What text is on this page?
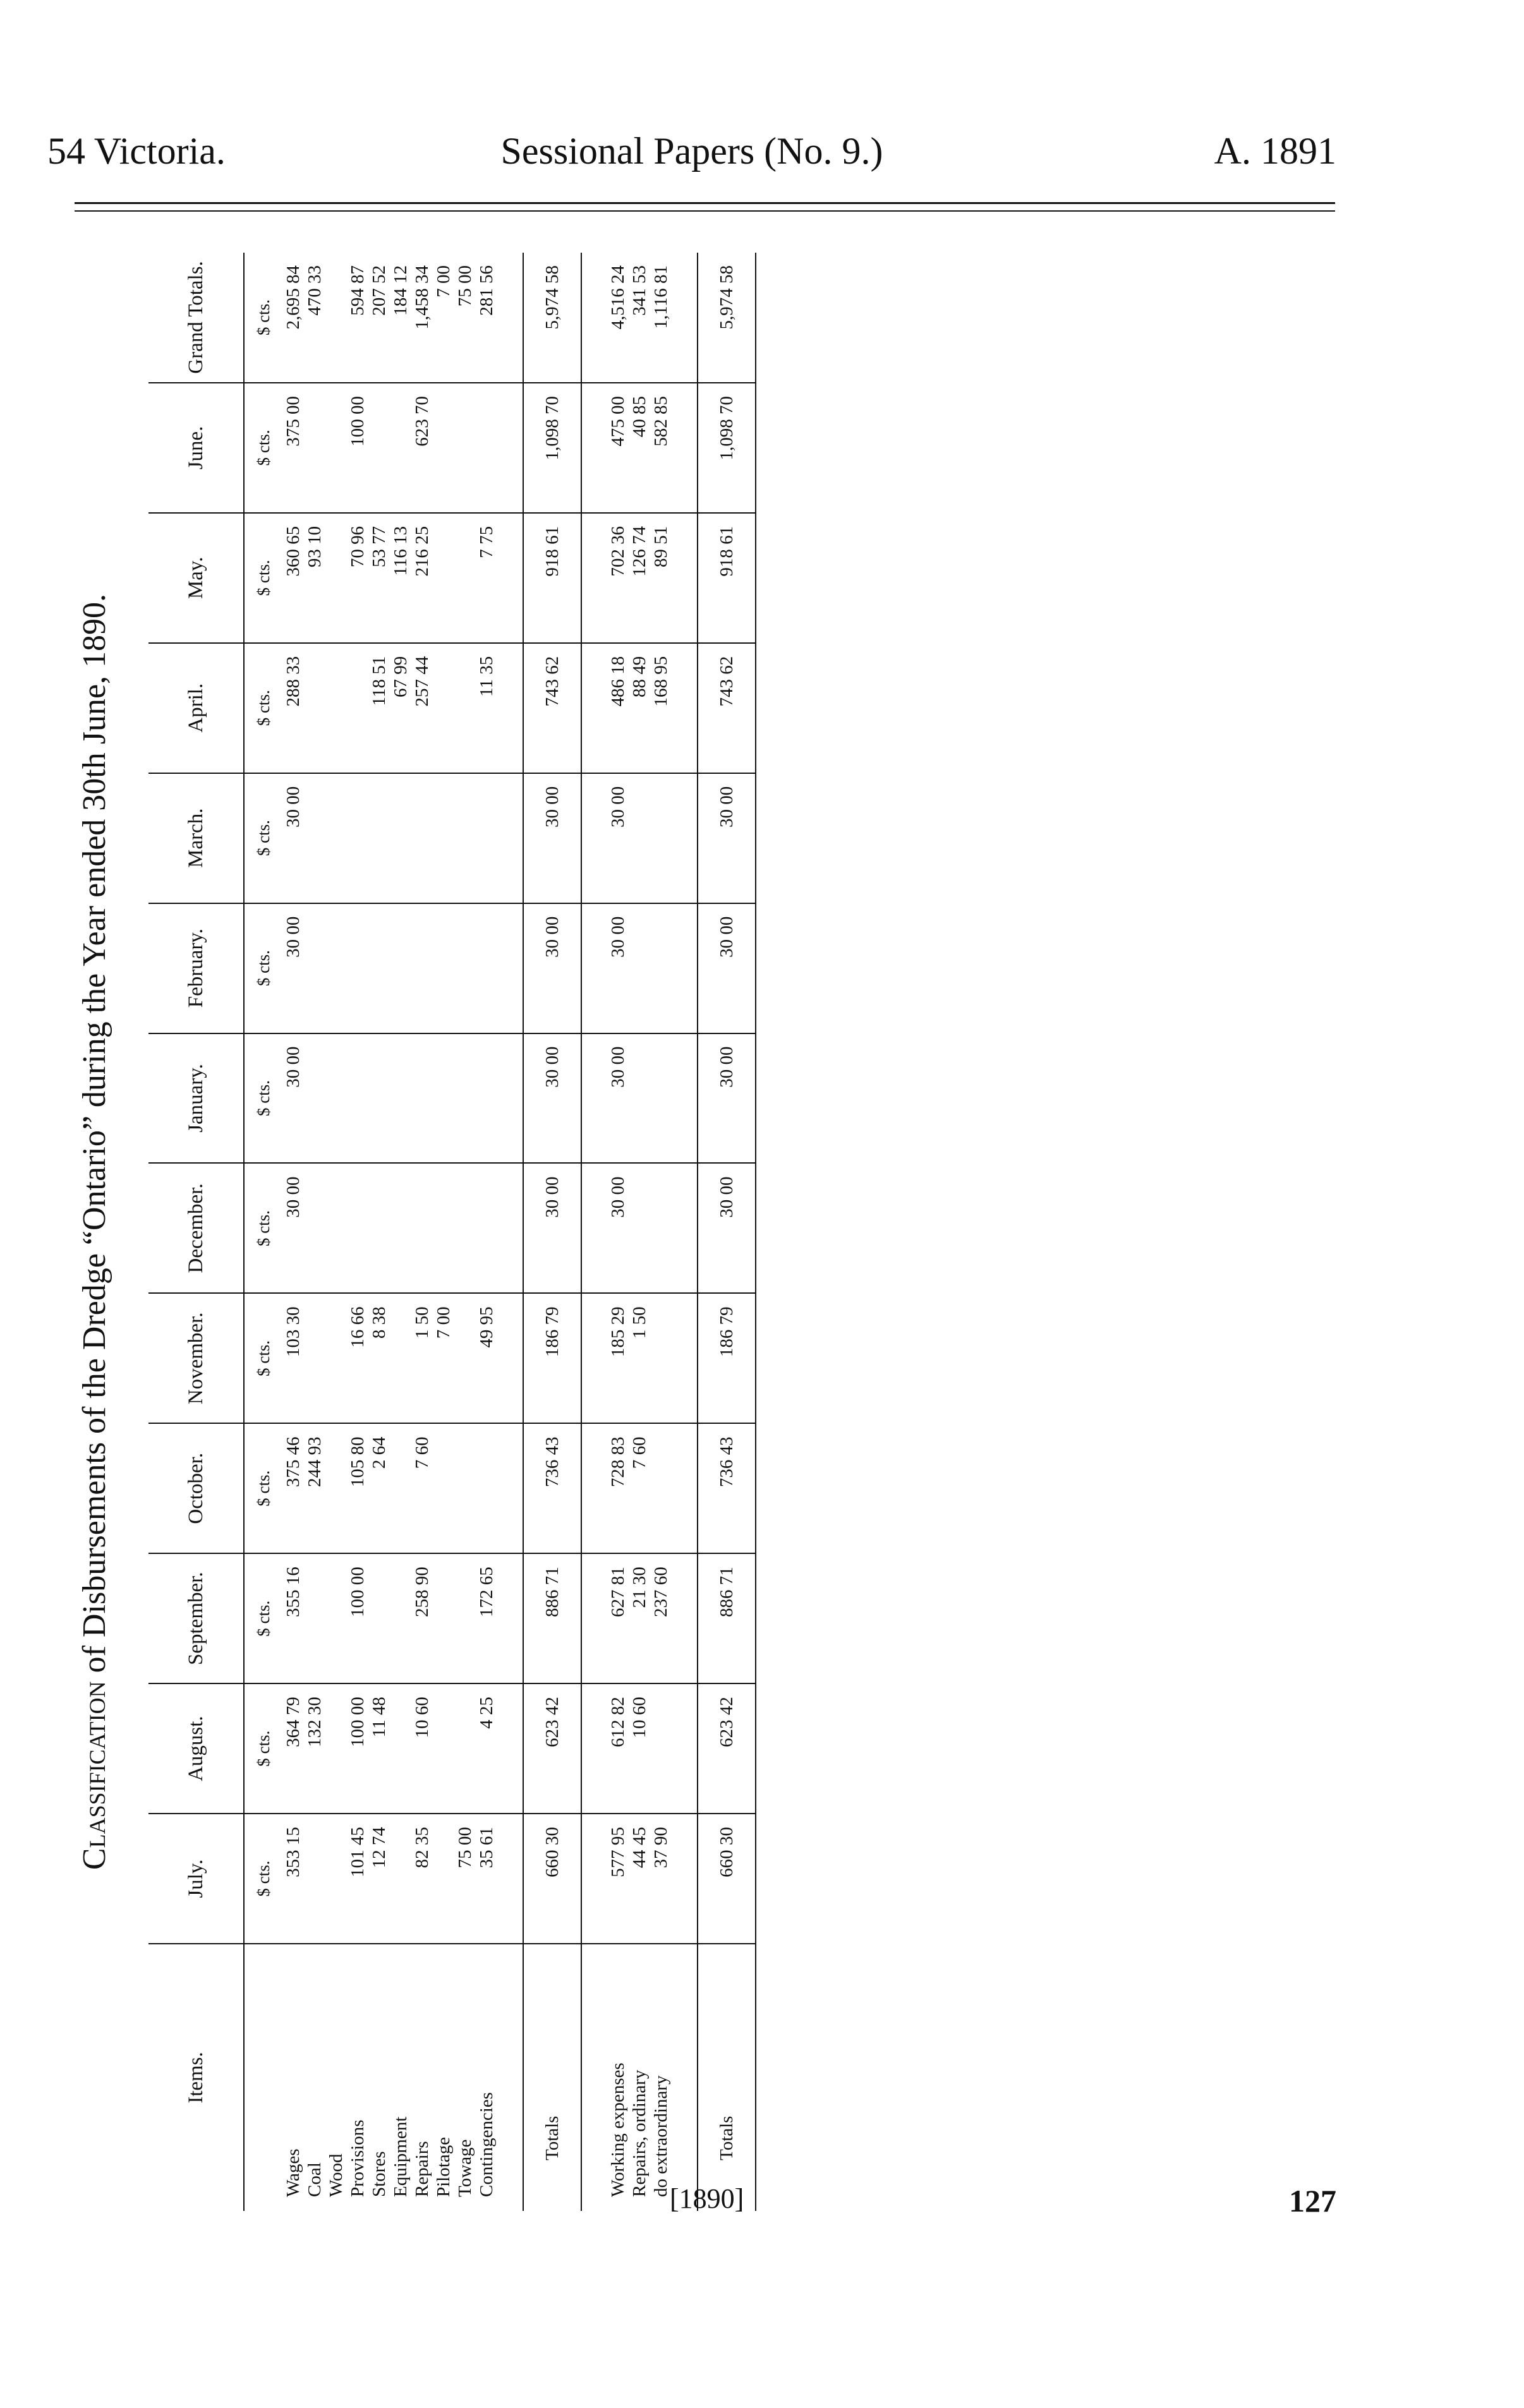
54 Victoria.	Sessional Papers (No. 9.)	A. 1891
Classification of Disbursements of the Dredge “Ontario” during the Year ended 30th June, 1890.
Items.	July.	August.	September.	October.	November.	December.	January.	February.	March.	April.	May.	June.	Grand Totals.
	$ cts.	$ cts.	$ cts.	$ cts.	$ cts.	$ cts.	$ cts.	$ cts.	$ cts.	$ cts.	$ cts.	$ cts.	$ cts.
Wages	353 15	364 79	355 16	375 46	103 30	30 00	30 00	30 00	30 00	288 33	360 65	375 00	2,695 84
Coal		132 30		244 93							93 10		470 33
Wood													
Provisions	101 45	100 00	100 00	105 80	16 66						70 96	100 00	594 87
Stores	12 74	11 48		2 64	8 38					118 51	53 77		207 52
Equipment										67 99	116 13		184 12
Repairs	82 35	10 60	258 90	7 60	1 50					257 44	216 25	623 70	1,458 34
Pilotage					7 00								7 00
Towage	75 00												75 00
Contingencies	35 61	4 25	172 65		49 95					11 35	7 75		281 56

Totals	660 30	623 42	886 71	736 43	186 79	30 00	30 00	30 00	30 00	743 62	918 61	1,098 70	5,974 58

Working expenses	577 95	612 82	627 81	728 83	185 29	30 00	30 00	30 00	30 00	486 18	702 36	475 00	4,516 24
Repairs, ordinary	44 45	10 60	21 30	7 60	1 50					88 49	126 74	40 85	341 53
do extraordinary	37 90		237 60							168 95	89 51	582 85	1,116 81

Totals	660 30	623 42	886 71	736 43	186 79	30 00	30 00	30 00	30 00	743 62	918 61	1,098 70	5,974 58
[1890]	127
